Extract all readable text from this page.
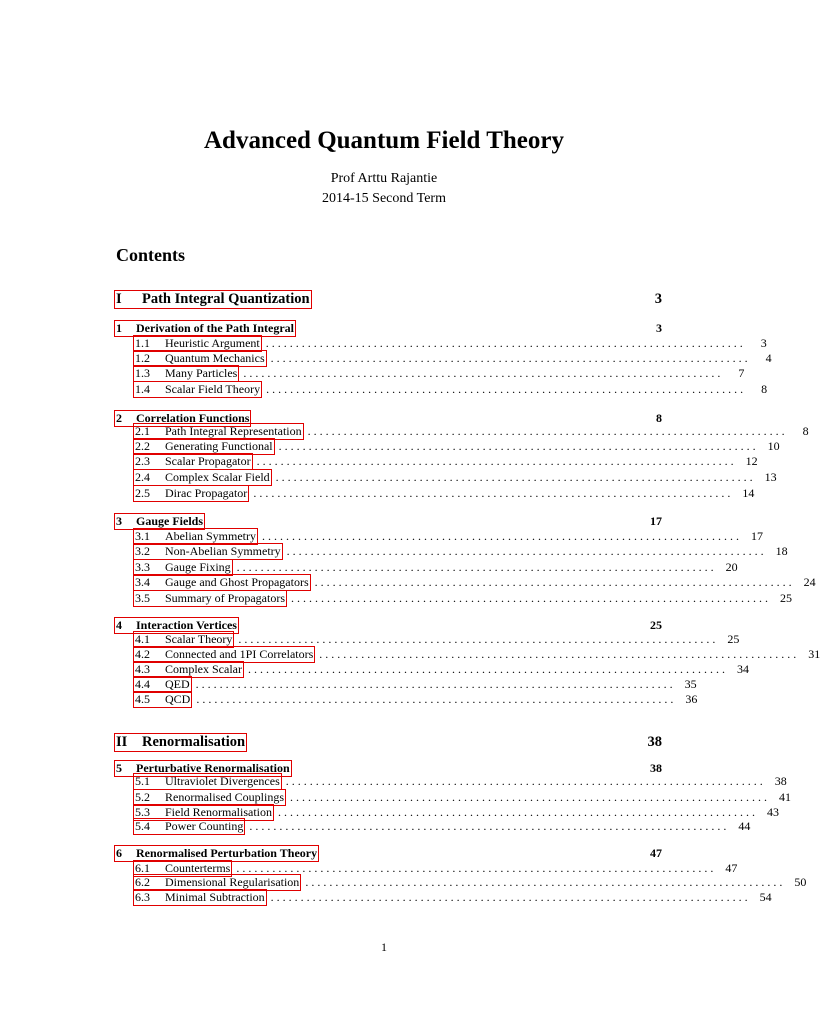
Advanced Quantum Field Theory
Prof Arttu Rajantie
2014-15 Second Term
Contents
I	Path Integral Quantization	3
1	Derivation of the Path Integral	3
1.1	Heuristic Argument . . . . . . . . . . . . . . . . . . . . . . . . . . . . . . . . . . . . . . . . . . . . . . . . . . . . . . . . . . . . . . . . . . . . . . . . . . . . . . . .	3
1.2	Quantum Mechanics . . . . . . . . . . . . . . . . . . . . . . . . . . . . . . . . . . . . . . . . . . . . . . . . . . . . . . . . . . . . . . . . . . . . . . . . . . . . . . . .	4
1.3	Many Particles . . . . . . . . . . . . . . . . . . . . . . . . . . . . . . . . . . . . . . . . . . . . . . . . . . . . . . . . . . . . . . . . . . . . . . . . . . . . . . . .	7
1.4	Scalar Field Theory . . . . . . . . . . . . . . . . . . . . . . . . . . . . . . . . . . . . . . . . . . . . . . . . . . . . . . . . . . . . . . . . . . . . . . . . . . . . . . . .	8
2	Correlation Functions	8
2.1	Path Integral Representation . . . . . . . . . . . . . . . . . . . . . . . . . . . . . . . . . . . . . . . . . . . . . . . . . . . . . . . . . . . . . . . . . . . . . . . . . . . . . . . .	8
2.2	Generating Functional . . . . . . . . . . . . . . . . . . . . . . . . . . . . . . . . . . . . . . . . . . . . . . . . . . . . . . . . . . . . . . . . . . . . . . . . . . . . . . . .	10
2.3	Scalar Propagator . . . . . . . . . . . . . . . . . . . . . . . . . . . . . . . . . . . . . . . . . . . . . . . . . . . . . . . . . . . . . . . . . . . . . . . . . . . . . . . .	12
2.4	Complex Scalar Field . . . . . . . . . . . . . . . . . . . . . . . . . . . . . . . . . . . . . . . . . . . . . . . . . . . . . . . . . . . . . . . . . . . . . . . . . . . . . . . .	13
2.5	Dirac Propagator . . . . . . . . . . . . . . . . . . . . . . . . . . . . . . . . . . . . . . . . . . . . . . . . . . . . . . . . . . . . . . . . . . . . . . . . . . . . . . . .	14
3	Gauge Fields	17
3.1	Abelian Symmetry . . . . . . . . . . . . . . . . . . . . . . . . . . . . . . . . . . . . . . . . . . . . . . . . . . . . . . . . . . . . . . . . . . . . . . . . . . . . . . . .	17
3.2	Non-Abelian Symmetry . . . . . . . . . . . . . . . . . . . . . . . . . . . . . . . . . . . . . . . . . . . . . . . . . . . . . . . . . . . . . . . . . . . . . . . . . . . . . . . .	18
3.3	Gauge Fixing . . . . . . . . . . . . . . . . . . . . . . . . . . . . . . . . . . . . . . . . . . . . . . . . . . . . . . . . . . . . . . . . . . . . . . . . . . . . . . . .	20
3.4	Gauge and Ghost Propagators . . . . . . . . . . . . . . . . . . . . . . . . . . . . . . . . . . . . . . . . . . . . . . . . . . . . . . . . . . . . . . . . . . . . . . . . . . . . . . . .	24
3.5	Summary of Propagators . . . . . . . . . . . . . . . . . . . . . . . . . . . . . . . . . . . . . . . . . . . . . . . . . . . . . . . . . . . . . . . . . . . . . . . . . . . . . . . .	25
4	Interaction Vertices	25
4.1	Scalar Theory . . . . . . . . . . . . . . . . . . . . . . . . . . . . . . . . . . . . . . . . . . . . . . . . . . . . . . . . . . . . . . . . . . . . . . . . . . . . . . . .	25
4.2	Connected and 1PI Correlators . . . . . . . . . . . . . . . . . . . . . . . . . . . . . . . . . . . . . . . . . . . . . . . . . . . . . . . . . . . . . . . . . . . . . . . . . . . . . . . .	31
4.3	Complex Scalar . . . . . . . . . . . . . . . . . . . . . . . . . . . . . . . . . . . . . . . . . . . . . . . . . . . . . . . . . . . . . . . . . . . . . . . . . . . . . . . .	34
4.4	QED . . . . . . . . . . . . . . . . . . . . . . . . . . . . . . . . . . . . . . . . . . . . . . . . . . . . . . . . . . . . . . . . . . . . . . . . . . . . . . . .	35
4.5	QCD . . . . . . . . . . . . . . . . . . . . . . . . . . . . . . . . . . . . . . . . . . . . . . . . . . . . . . . . . . . . . . . . . . . . . . . . . . . . . . . .	36
II	Renormalisation	38
5	Perturbative Renormalisation	38
5.1	Ultraviolet Divergences . . . . . . . . . . . . . . . . . . . . . . . . . . . . . . . . . . . . . . . . . . . . . . . . . . . . . . . . . . . . . . . . . . . . . . . . . . . . . . . .	38
5.2	Renormalised Couplings . . . . . . . . . . . . . . . . . . . . . . . . . . . . . . . . . . . . . . . . . . . . . . . . . . . . . . . . . . . . . . . . . . . . . . . . . . . . . . . .	41
5.3	Field Renormalisation . . . . . . . . . . . . . . . . . . . . . . . . . . . . . . . . . . . . . . . . . . . . . . . . . . . . . . . . . . . . . . . . . . . . . . . . . . . . . . . .	43
5.4	Power Counting . . . . . . . . . . . . . . . . . . . . . . . . . . . . . . . . . . . . . . . . . . . . . . . . . . . . . . . . . . . . . . . . . . . . . . . . . . . . . . . .	44
6	Renormalised Perturbation Theory	47
6.1	Counterterms . . . . . . . . . . . . . . . . . . . . . . . . . . . . . . . . . . . . . . . . . . . . . . . . . . . . . . . . . . . . . . . . . . . . . . . . . . . . . . . .	47
6.2	Dimensional Regularisation . . . . . . . . . . . . . . . . . . . . . . . . . . . . . . . . . . . . . . . . . . . . . . . . . . . . . . . . . . . . . . . . . . . . . . . . . . . . . . . .	50
6.3	Minimal Subtraction . . . . . . . . . . . . . . . . . . . . . . . . . . . . . . . . . . . . . . . . . . . . . . . . . . . . . . . . . . . . . . . . . . . . . . . . . . . . . . . .	54
1
